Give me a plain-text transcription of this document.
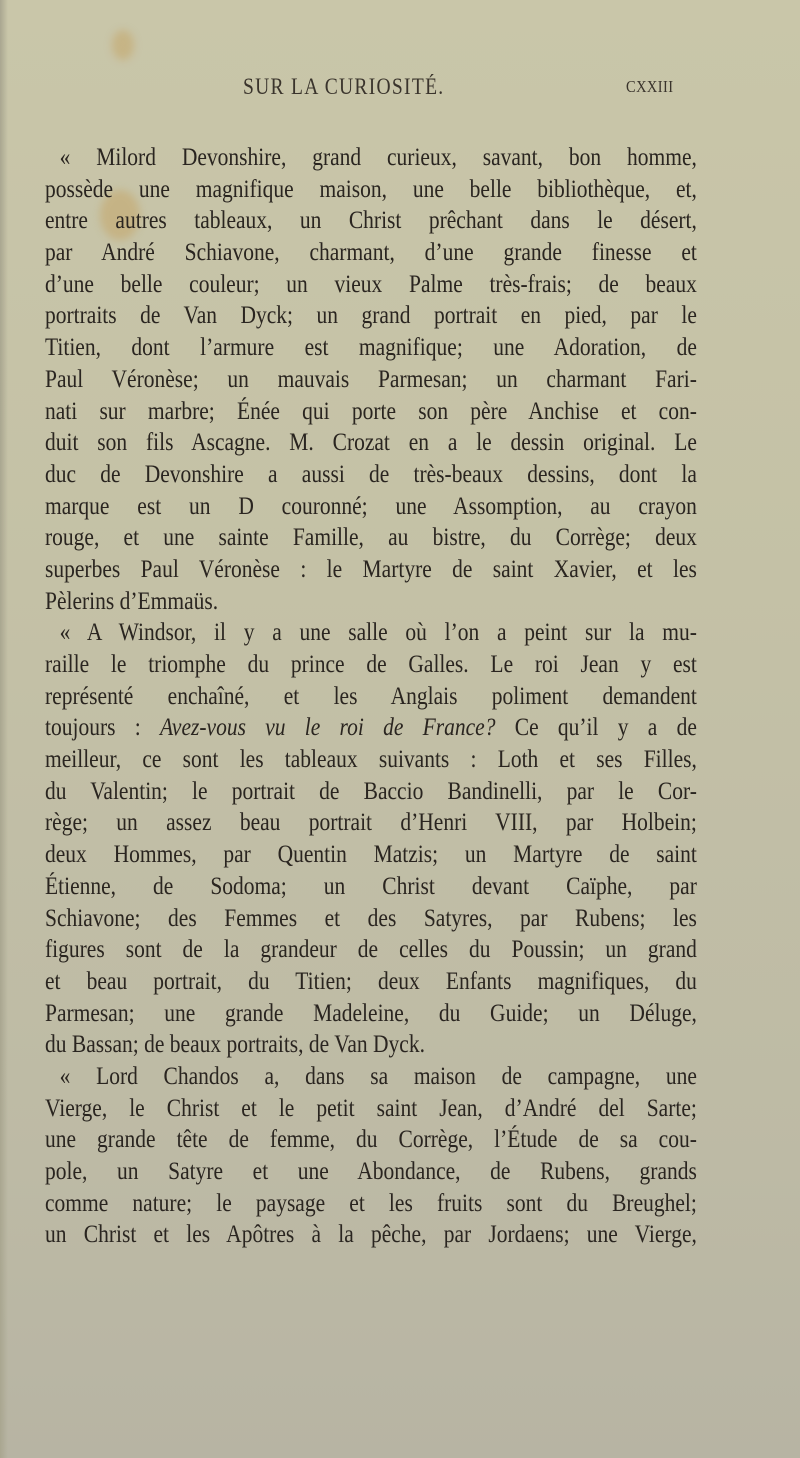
SUR LA CURIOSITÉ.	CXXIII
« Milord Devonshire, grand curieux, savant, bon homme,
possède une magnifique maison, une belle bibliothèque, et,
entre autres tableaux, un Christ prêchant dans le désert,
par André Schiavone, charmant, d’une grande finesse et
d’une belle couleur; un vieux Palme très-frais; de beaux
portraits de Van Dyck; un grand portrait en pied, par le
Titien, dont l’armure est magnifique; une Adoration, de
Paul Véronèse; un mauvais Parmesan; un charmant Fari-
nati sur marbre; Énée qui porte son père Anchise et con-
duit son fils Ascagne. M. Crozat en a le dessin original. Le
duc de Devonshire a aussi de très-beaux dessins, dont la
marque est un D couronné; une Assomption, au crayon
rouge, et une sainte Famille, au bistre, du Corrège; deux
superbes Paul Véronèse : le Martyre de saint Xavier, et les
Pèlerins d’Emmaüs.
« A Windsor, il y a une salle où l’on a peint sur la mu-
raille le triomphe du prince de Galles. Le roi Jean y est
représenté enchaîné, et les Anglais poliment demandent
toujours : Avez-vous vu le roi de France? Ce qu’il y a de
meilleur, ce sont les tableaux suivants : Loth et ses Filles,
du Valentin; le portrait de Baccio Bandinelli, par le Cor-
rège; un assez beau portrait d’Henri VIII, par Holbein;
deux Hommes, par Quentin Matzis; un Martyre de saint
Étienne, de Sodoma; un Christ devant Caïphe, par
Schiavone; des Femmes et des Satyres, par Rubens; les
figures sont de la grandeur de celles du Poussin; un grand
et beau portrait, du Titien; deux Enfants magnifiques, du
Parmesan; une grande Madeleine, du Guide; un Déluge,
du Bassan; de beaux portraits, de Van Dyck.
« Lord Chandos a, dans sa maison de campagne, une
Vierge, le Christ et le petit saint Jean, d’André del Sarte;
une grande tête de femme, du Corrège, l’Étude de sa cou-
pole, un Satyre et une Abondance, de Rubens, grands
comme nature; le paysage et les fruits sont du Breughel;
un Christ et les Apôtres à la pêche, par Jordaens; une Vierge,
